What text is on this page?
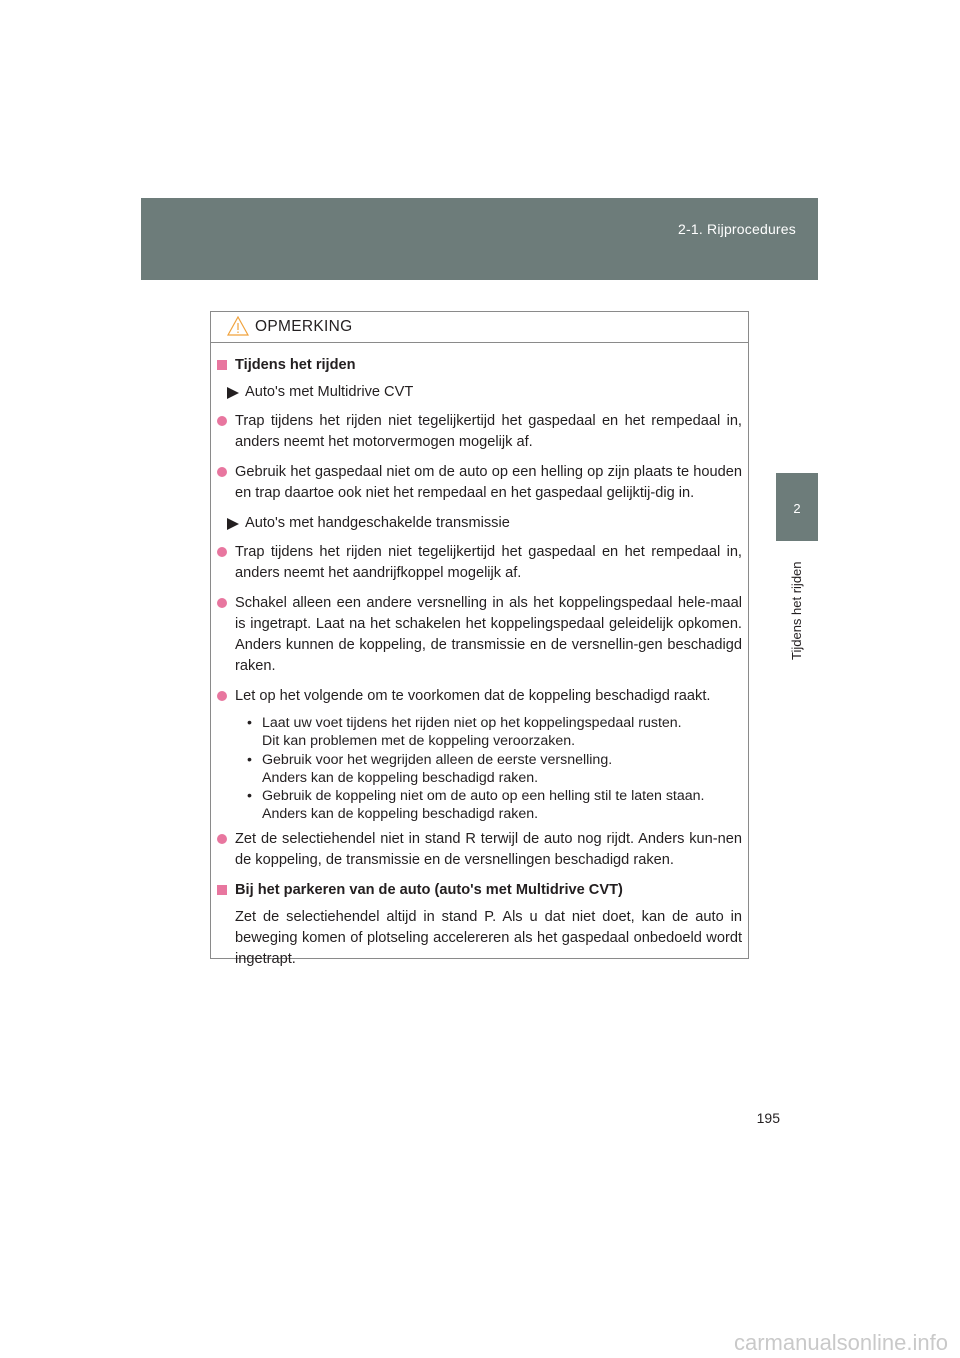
2-1. Rijprocedures
2
Tijdens het rijden
OPMERKING
Tijdens het rijden
Auto's met Multidrive CVT
Trap tijdens het rijden niet tegelijkertijd het gaspedaal en het rempedaal in, anders neemt het motorvermogen mogelijk af.
Gebruik het gaspedaal niet om de auto op een helling op zijn plaats te houden en trap daartoe ook niet het rempedaal en het gaspedaal gelijktij-dig in.
Auto's met handgeschakelde transmissie
Trap tijdens het rijden niet tegelijkertijd het gaspedaal en het rempedaal in, anders neemt het aandrijfkoppel mogelijk af.
Schakel alleen een andere versnelling in als het koppelingspedaal hele-maal is ingetrapt. Laat na het schakelen het koppelingspedaal geleidelijk opkomen. Anders kunnen de koppeling, de transmissie en de versnellin-gen beschadigd raken.
Let op het volgende om te voorkomen dat de koppeling beschadigd raakt.
• Laat uw voet tijdens het rijden niet op het koppelingspedaal rusten.
Dit kan problemen met de koppeling veroorzaken.
• Gebruik voor het wegrijden alleen de eerste versnelling.
Anders kan de koppeling beschadigd raken.
• Gebruik de koppeling niet om de auto op een helling stil te laten staan.
Anders kan de koppeling beschadigd raken.
Zet de selectiehendel niet in stand R terwijl de auto nog rijdt. Anders kun-nen de koppeling, de transmissie en de versnellingen beschadigd raken.
Bij het parkeren van de auto (auto's met Multidrive CVT)
Zet de selectiehendel altijd in stand P. Als u dat niet doet, kan de auto in beweging komen of plotseling accelereren als het gaspedaal onbedoeld wordt ingetrapt.
195
carmanualsonline.info
